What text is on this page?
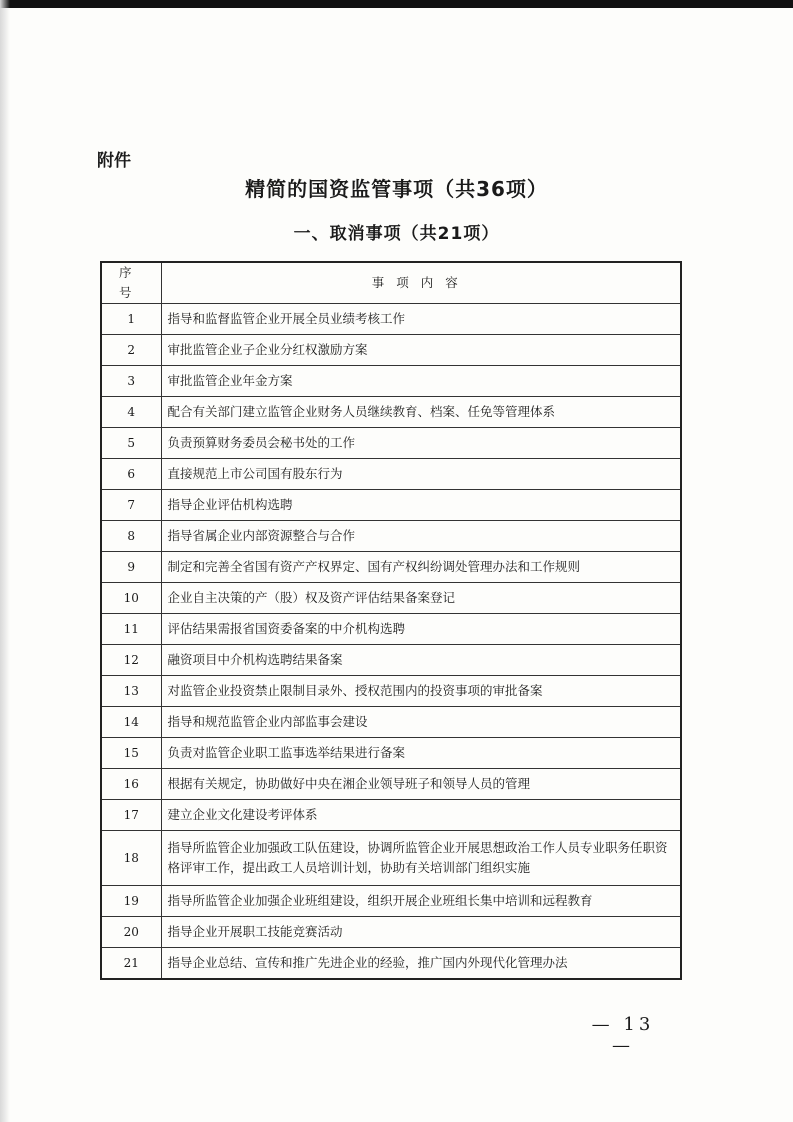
附件
精简的国资监管事项（共36项）
一、取消事项（共21项）
序号	事项内容
1	指导和监督监管企业开展全员业绩考核工作
2	审批监管企业子企业分红权激励方案
3	审批监管企业年金方案
4	配合有关部门建立监管企业财务人员继续教育、档案、任免等管理体系
5	负责预算财务委员会秘书处的工作
6	直接规范上市公司国有股东行为
7	指导企业评估机构选聘
8	指导省属企业内部资源整合与合作
9	制定和完善全省国有资产产权界定、国有产权纠纷调处管理办法和工作规则
10	企业自主决策的产（股）权及资产评估结果备案登记
11	评估结果需报省国资委备案的中介机构选聘
12	融资项目中介机构选聘结果备案
13	对监管企业投资禁止限制目录外、授权范围内的投资事项的审批备案
14	指导和规范监管企业内部监事会建设
15	负责对监管企业职工监事选举结果进行备案
16	根据有关规定，协助做好中央在湘企业领导班子和领导人员的管理
17	建立企业文化建设考评体系
18	指导所监管企业加强政工队伍建设，协调所监管企业开展思想政治工作人员专业职务任职资格评审工作，提出政工人员培训计划，协助有关培训部门组织实施
19	指导所监管企业加强企业班组建设，组织开展企业班组长集中培训和远程教育
20	指导企业开展职工技能竞赛活动
21	指导企业总结、宣传和推广先进企业的经验，推广国内外现代化管理办法
— 13 —
